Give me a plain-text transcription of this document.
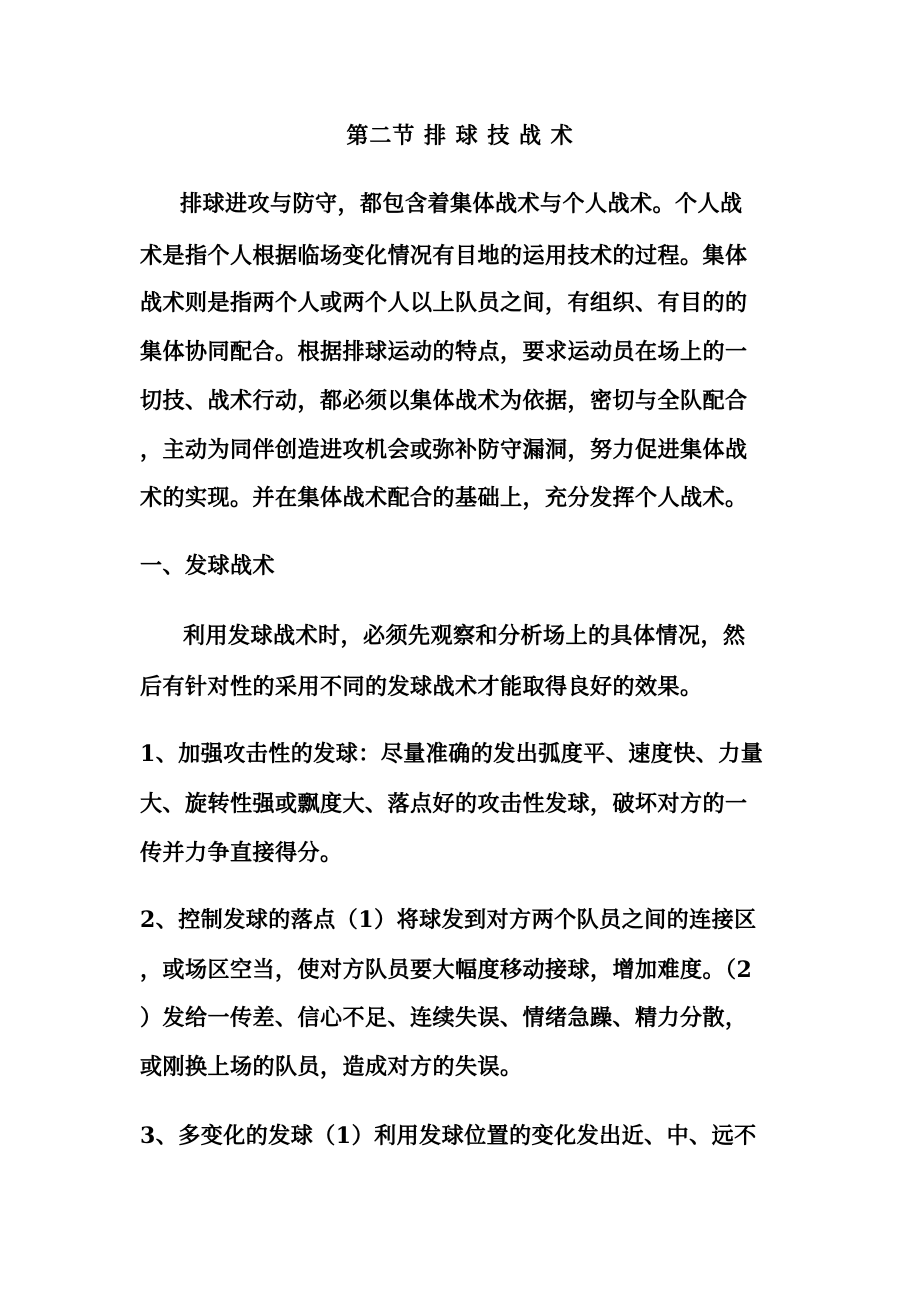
第二节 排 球 技 战 术
排球进攻与防守，都包含着集体战术与个人战术。个人战
术是指个人根据临场变化情况有目地的运用技术的过程。集体
战术则是指两个人或两个人以上队员之间，有组织、有目的的
集体协同配合。根据排球运动的特点，要求运动员在场上的一
切技、战术行动，都必须以集体战术为依据，密切与全队配合
，主动为同伴创造进攻机会或弥补防守漏洞，努力促进集体战
术的实现。并在集体战术配合的基础上，充分发挥个人战术。
一、发球战术
利用发球战术时，必须先观察和分析场上的具体情况，然
后有针对性的采用不同的发球战术才能取得良好的效果。
1、加强攻击性的发球：尽量准确的发出弧度平、速度快、力量
大、旋转性强或飘度大、落点好的攻击性发球，破坏对方的一
传并力争直接得分。
2、控制发球的落点（1）将球发到对方两个队员之间的连接区
，或场区空当，使对方队员要大幅度移动接球，增加难度。（2
）发给一传差、信心不足、连续失误、情绪急躁、精力分散，
或刚换上场的队员，造成对方的失误。
3、多变化的发球（1）利用发球位置的变化发出近、中、远不
